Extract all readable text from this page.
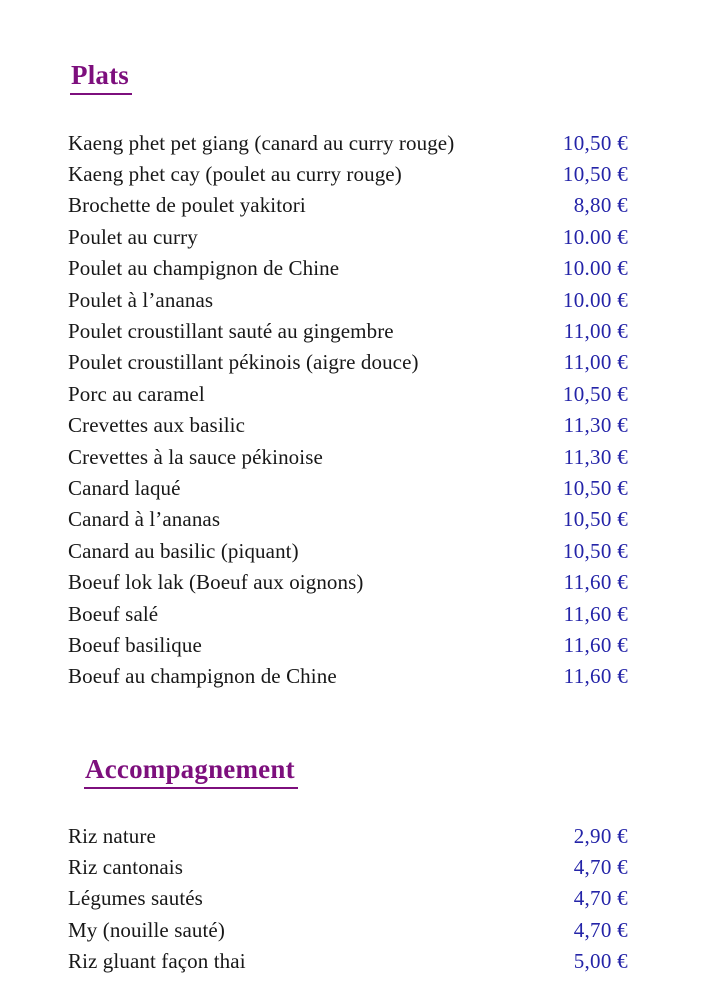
Plats
Kaeng phet pet giang (canard au curry rouge)	10,50 €
Kaeng phet cay (poulet au curry rouge)	10,50 €
Brochette de poulet yakitori	8,80 €
Poulet au curry	10.00 €
Poulet au champignon de Chine	10.00 €
Poulet à l’ananas	10.00 €
Poulet croustillant sauté au gingembre	11,00 €
Poulet croustillant pékinois (aigre douce)	11,00 €
Porc au caramel	10,50 €
Crevettes aux basilic	11,30 €
Crevettes à la sauce pékinoise	11,30 €
Canard laqué	10,50 €
Canard à l’ananas	10,50 €
Canard au basilic (piquant)	10,50 €
Boeuf lok lak (Boeuf aux oignons)	11,60 €
Boeuf salé	11,60 €
Boeuf basilique	11,60 €
Boeuf au champignon de Chine	11,60 €
Accompagnement
Riz nature	2,90 €
Riz cantonais	4,70 €
Légumes sautés	4,70 €
My (nouille sauté)	4,70 €
Riz gluant façon thai	5,00 €
